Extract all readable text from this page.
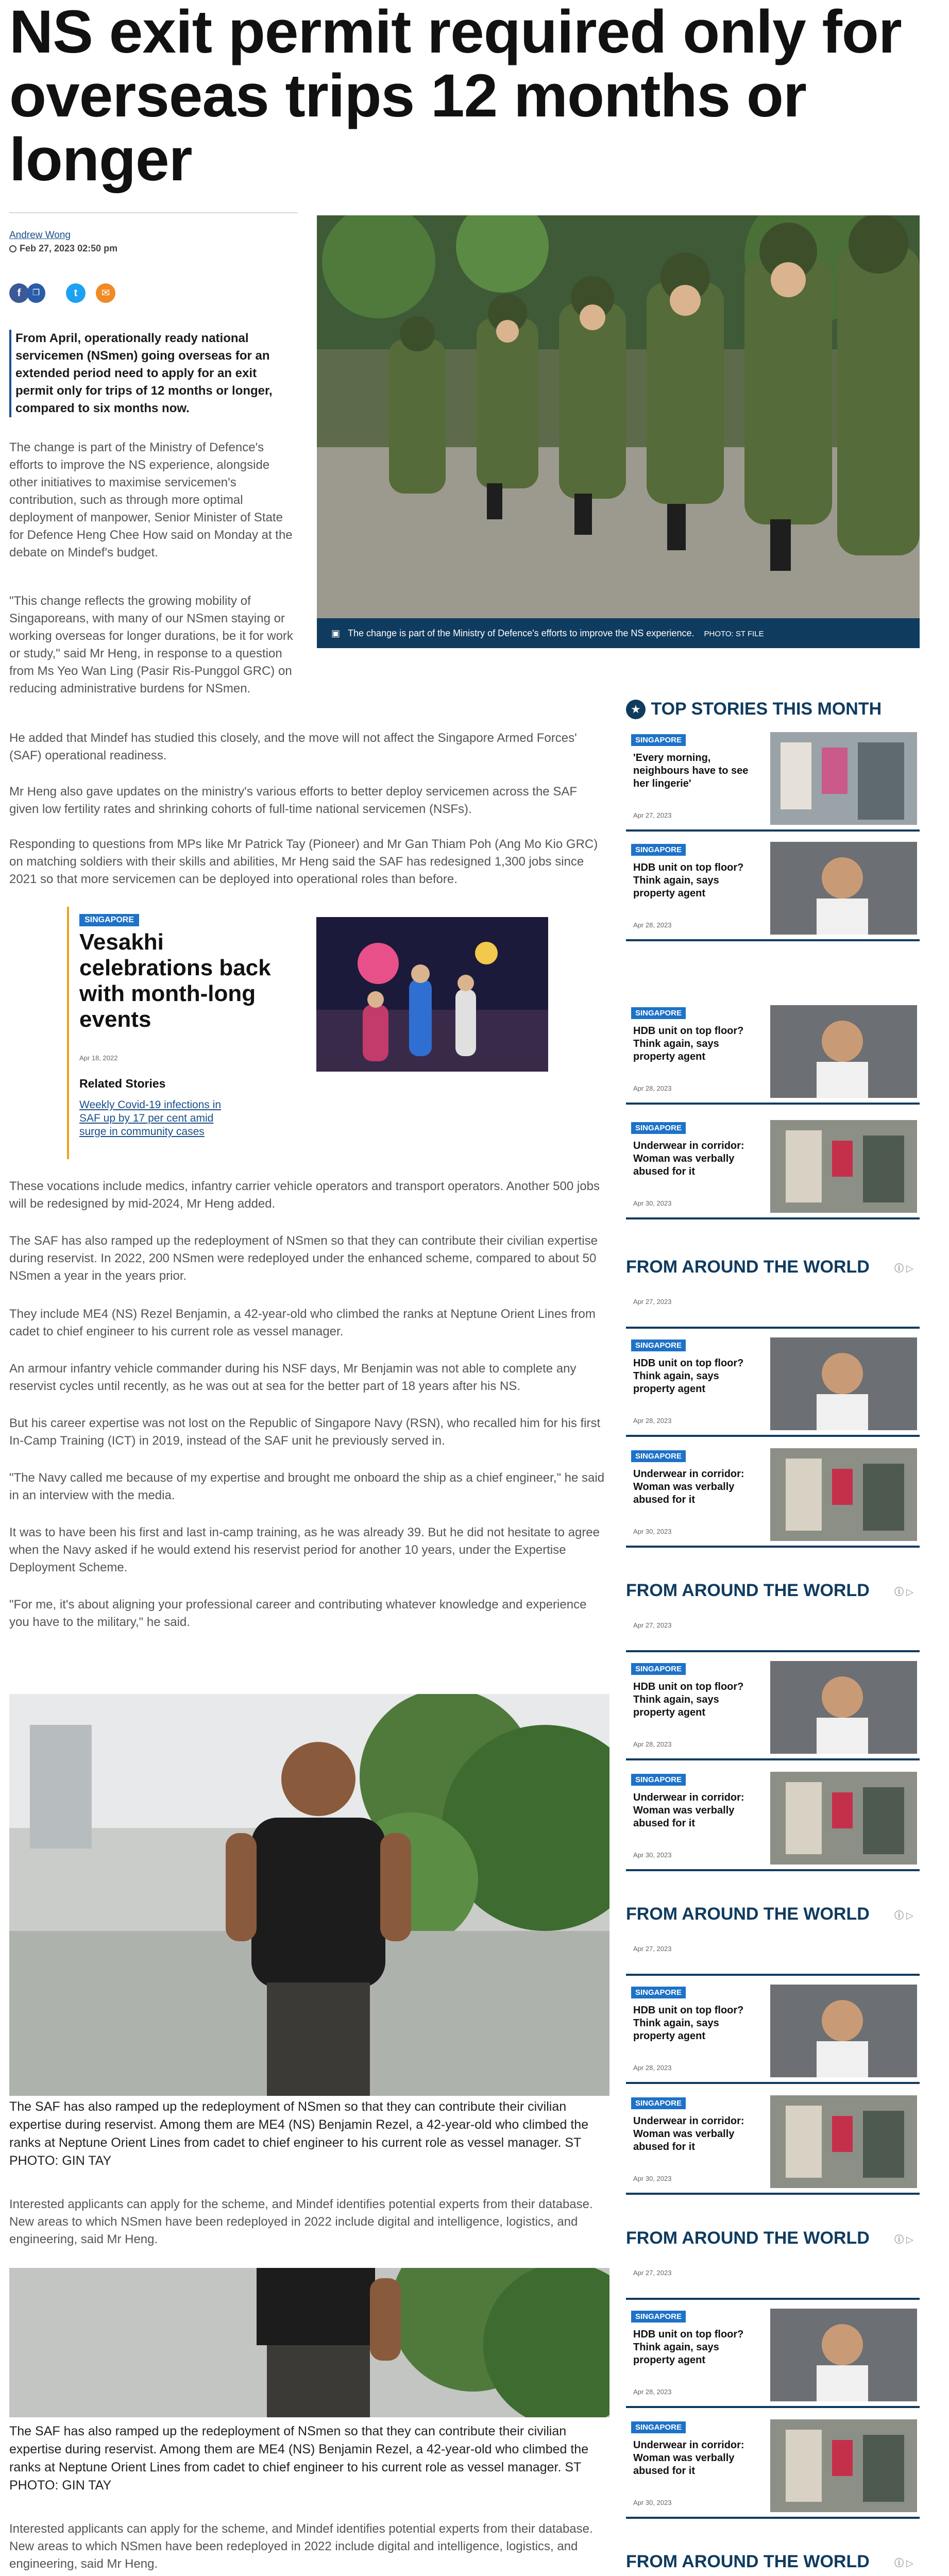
NS exit permit required only for overseas trips 12 months or longer
Andrew Wong
Feb 27, 2023 02:50 pm
f	❐	t	✉
From April, operationally ready national servicemen (NSmen) going overseas for an extended period need to apply for an exit permit only for trips of 12 months or longer, compared to six months now.
The change is part of the Ministry of Defence's efforts to improve the NS experience, alongside other initiatives to maximise servicemen's contribution, such as through more optimal deployment of manpower, Senior Minister of State for Defence Heng Chee How said on Monday at the debate on Mindef's budget.
"This change reflects the growing mobility of Singaporeans, with many of our NSmen staying or working overseas for longer durations, be it for work or study," said Mr Heng, in response to a question from Ms Yeo Wan Ling (Pasir Ris-Punggol GRC) on reducing administrative burdens for NSmen.
▣ The change is part of the Ministry of Defence's efforts to improve the NS experience. PHOTO: ST FILE
He added that Mindef has studied this closely, and the move will not affect the Singapore Armed Forces' (SAF) operational readiness.
Mr Heng also gave updates on the ministry's various efforts to better deploy servicemen across the SAF given low fertility rates and shrinking cohorts of full-time national servicemen (NSFs).
Responding to questions from MPs like Mr Patrick Tay (Pioneer) and Mr Gan Thiam Poh (Ang Mo Kio GRC) on matching soldiers with their skills and abilities, Mr Heng said the SAF has redesigned 1,300 jobs since 2021 so that more servicemen can be deployed into operational roles than before.
SINGAPORE
Vesakhi celebrations back with month-long events
Apr 18, 2022
Related Stories
Weekly Covid-19 infections in SAF up by 17 per cent amid surge in community cases
These vocations include medics, infantry carrier vehicle operators and transport operators. Another 500 jobs will be redesigned by mid-2024, Mr Heng added.
The SAF has also ramped up the redeployment of NSmen so that they can contribute their civilian expertise during reservist. In 2022, 200 NSmen were redeployed under the enhanced scheme, compared to about 50 NSmen a year in the years prior.
They include ME4 (NS) Rezel Benjamin, a 42-year-old who climbed the ranks at Neptune Orient Lines from cadet to chief engineer to his current role as vessel manager.
An armour infantry vehicle commander during his NSF days, Mr Benjamin was not able to complete any reservist cycles until recently, as he was out at sea for the better part of 18 years after his NS.
But his career expertise was not lost on the Republic of Singapore Navy (RSN), who recalled him for his first In-Camp Training (ICT) in 2019, instead of the SAF unit he previously served in.
"The Navy called me because of my expertise and brought me onboard the ship as a chief engineer," he said in an interview with the media.
It was to have been his first and last in-camp training, as he was already 39. But he did not hesitate to agree when the Navy asked if he would extend his reservist period for another 10 years, under the Expertise Deployment Scheme.
"For me, it's about aligning your professional career and contributing whatever knowledge and experience you have to the military," he said.
The SAF has also ramped up the redeployment of NSmen so that they can contribute their civilian expertise during reservist. Among them are ME4 (NS) Benjamin Rezel, a 42-year-old who climbed the ranks at Neptune Orient Lines from cadet to chief engineer to his current role as vessel manager. ST PHOTO: GIN TAY
Interested applicants can apply for the scheme, and Mindef identifies potential experts from their database. New areas to which NSmen have been redeployed in 2022 include digital and intelligence, logistics, and engineering, said Mr Heng.
The SAF has also ramped up the redeployment of NSmen so that they can contribute their civilian expertise during reservist. Among them are ME4 (NS) Benjamin Rezel, a 42-year-old who climbed the ranks at Neptune Orient Lines from cadet to chief engineer to his current role as vessel manager. ST PHOTO: GIN TAY
Interested applicants can apply for the scheme, and Mindef identifies potential experts from their database. New areas to which NSmen have been redeployed in 2022 include digital and intelligence, logistics, and engineering, said Mr Heng.
★ TOP STORIES THIS MONTH
SINGAPORE
'Every morning, neighbours have to see her lingerie'
Apr 27, 2023
SINGAPORE
HDB unit on top floor? Think again, says property agent
Apr 28, 2023
SINGAPORE
HDB unit on top floor? Think again, says property agent
Apr 28, 2023
SINGAPORE
Underwear in corridor: Woman was verbally abused for it
Apr 30, 2023
FROM AROUND THE WORLD	ⓘ ▷
Apr 27, 2023
SINGAPORE
HDB unit on top floor? Think again, says property agent
Apr 28, 2023
SINGAPORE
Underwear in corridor: Woman was verbally abused for it
Apr 30, 2023
FROM AROUND THE WORLD	ⓘ ▷
Apr 27, 2023
SINGAPORE
HDB unit on top floor? Think again, says property agent
Apr 28, 2023
SINGAPORE
Underwear in corridor: Woman was verbally abused for it
Apr 30, 2023
FROM AROUND THE WORLD	ⓘ ▷
Apr 27, 2023
SINGAPORE
HDB unit on top floor? Think again, says property agent
Apr 28, 2023
SINGAPORE
Underwear in corridor: Woman was verbally abused for it
Apr 30, 2023
FROM AROUND THE WORLD	ⓘ ▷
Apr 27, 2023
SINGAPORE
HDB unit on top floor? Think again, says property agent
Apr 28, 2023
SINGAPORE
Underwear in corridor: Woman was verbally abused for it
Apr 30, 2023
FROM AROUND THE WORLD	ⓘ ▷
